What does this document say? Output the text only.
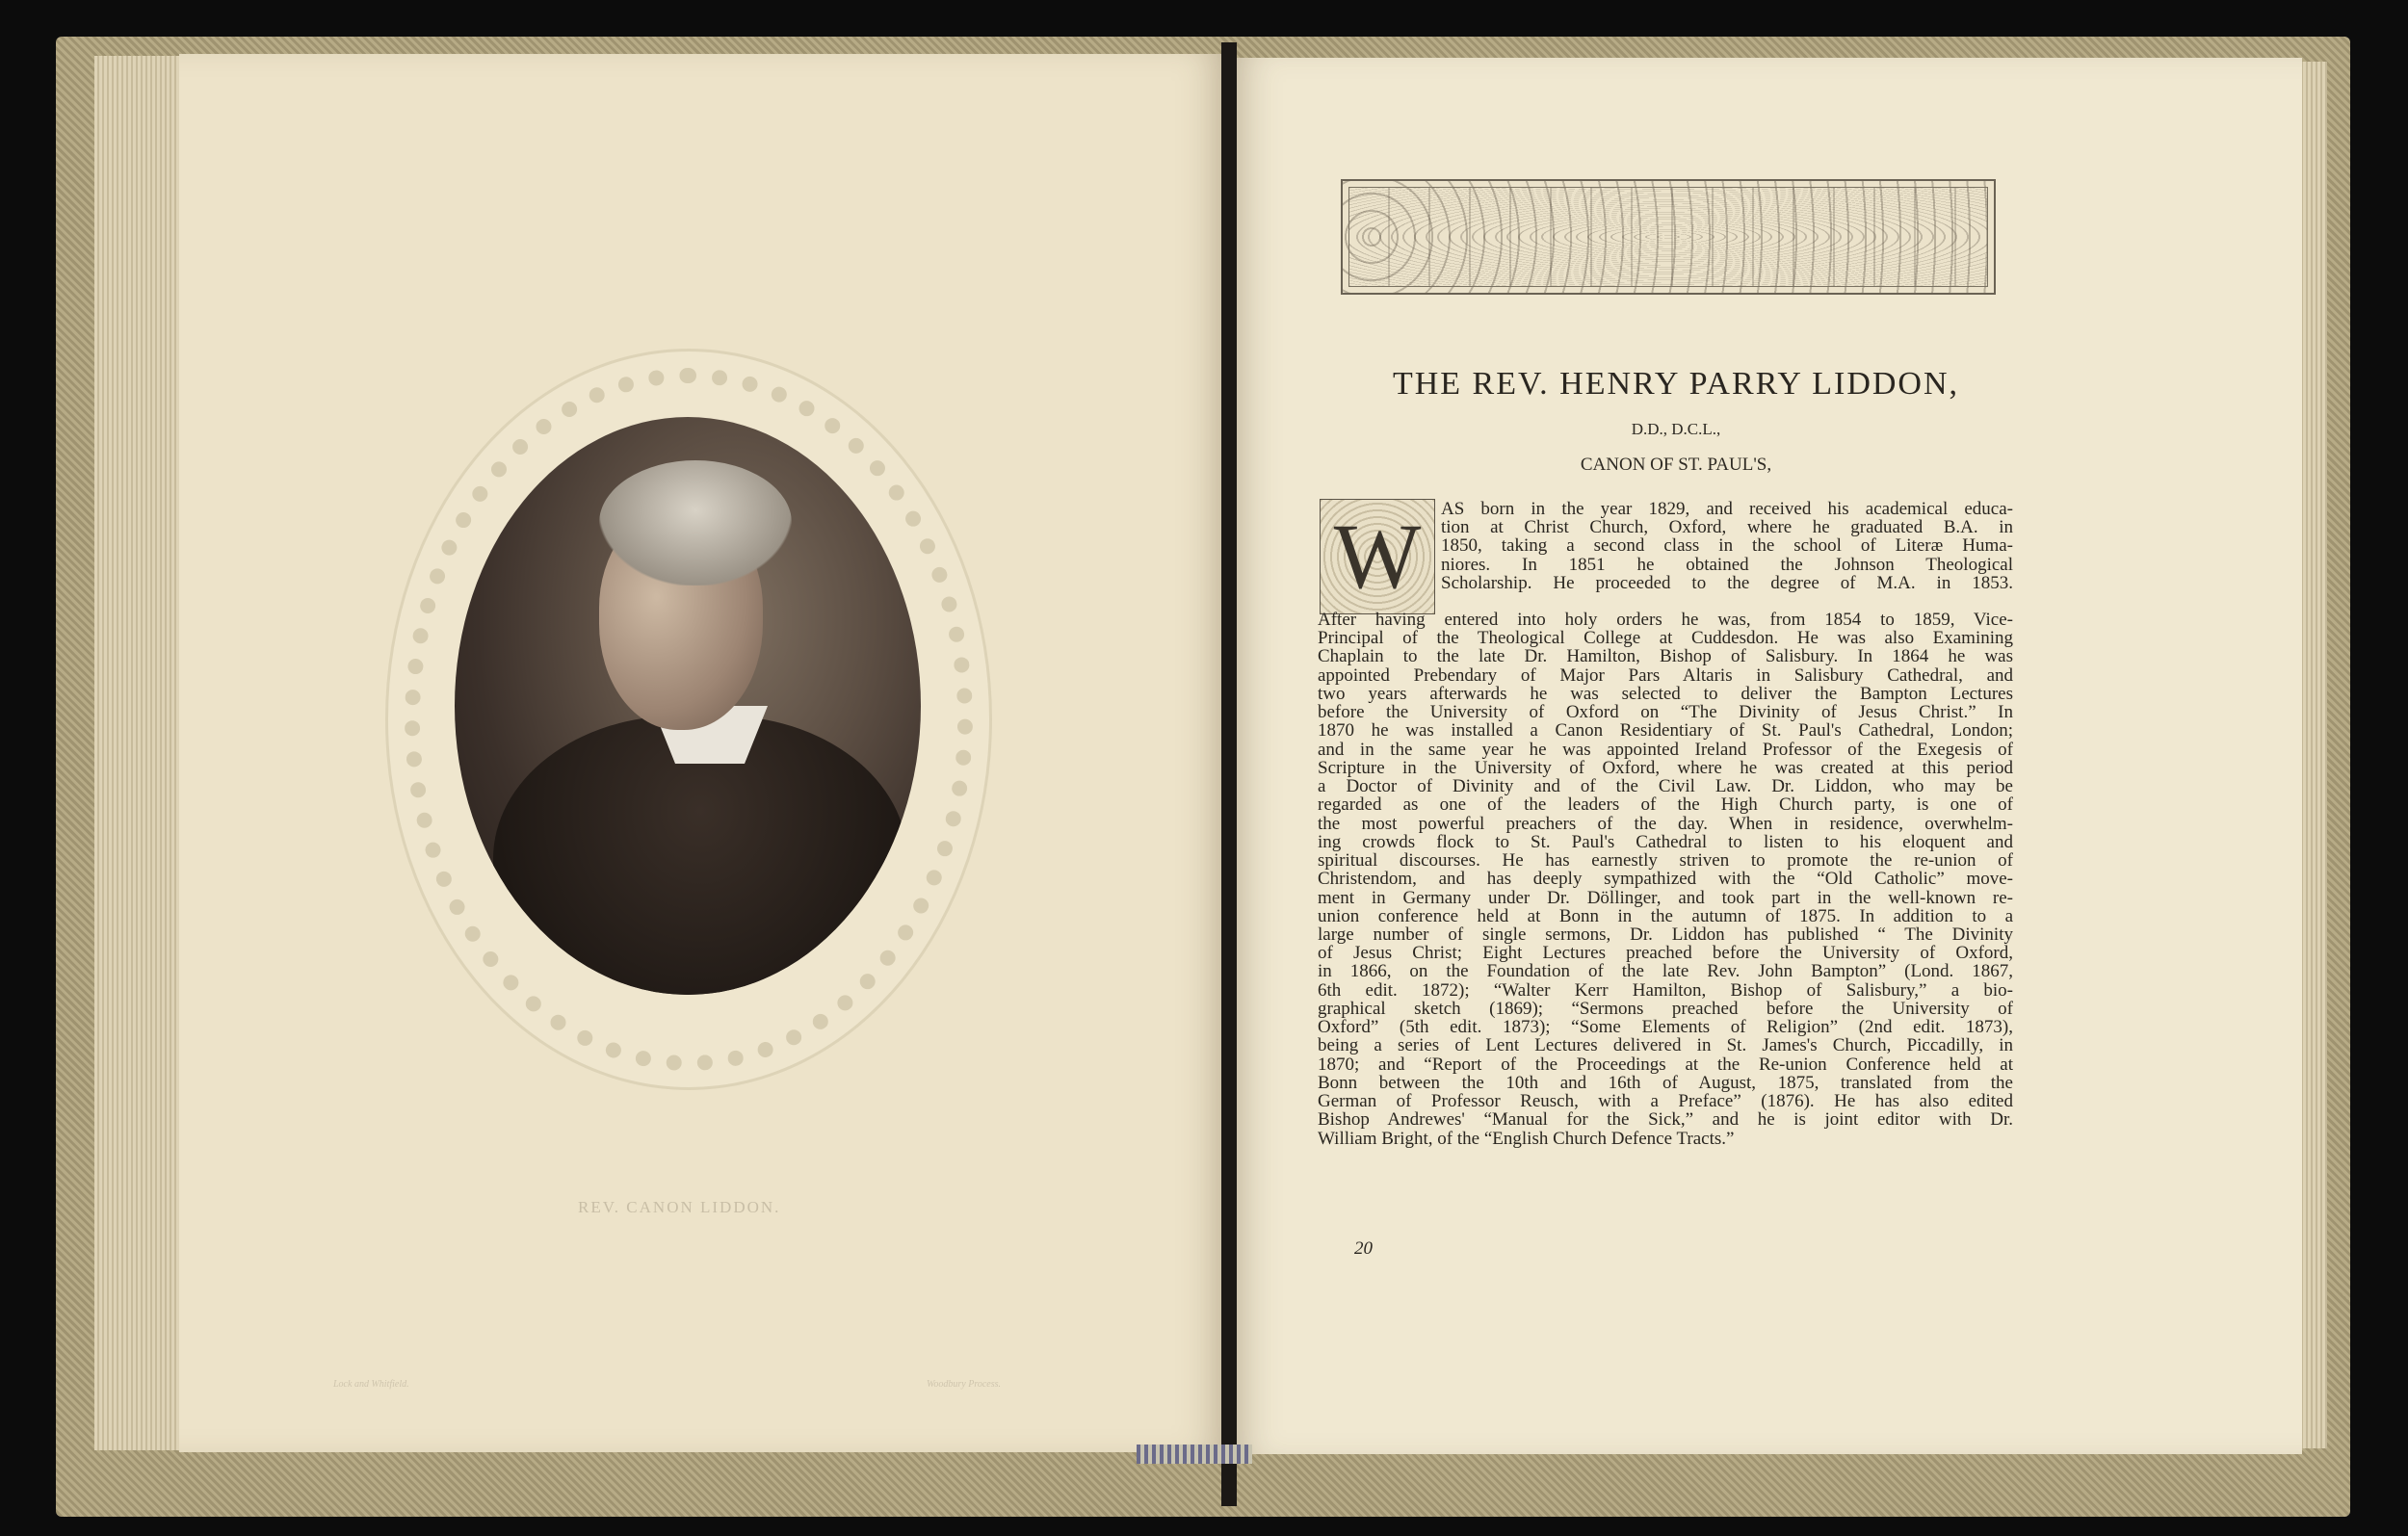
REV. CANON LIDDON.
Lock and Whitfield.	Woodbury Process.
THE REV. HENRY PARRY LIDDON,
D.D., D.C.L.,
CANON OF ST. PAUL'S,
W AS born in the year 1829, and received his academical educa-
tion at Christ Church, Oxford, where he graduated B.A. in
1850, taking a second class in the school of Literæ Huma-
niores. In 1851 he obtained the Johnson Theological
Scholarship. He proceeded to the degree of M.A. in 1853.
After having entered into holy orders he was, from 1854 to 1859, Vice-
Principal of the Theological College at Cuddesdon. He was also Examining
Chaplain to the late Dr. Hamilton, Bishop of Salisbury. In 1864 he was
appointed Prebendary of Major Pars Altaris in Salisbury Cathedral, and
two years afterwards he was selected to deliver the Bampton Lectures
before the University of Oxford on “The Divinity of Jesus Christ.” In
1870 he was installed a Canon Residentiary of St. Paul's Cathedral, London;
and in the same year he was appointed Ireland Professor of the Exegesis of
Scripture in the University of Oxford, where he was created at this period
a Doctor of Divinity and of the Civil Law. Dr. Liddon, who may be
regarded as one of the leaders of the High Church party, is one of
the most powerful preachers of the day. When in residence, overwhelm-
ing crowds flock to St. Paul's Cathedral to listen to his eloquent and
spiritual discourses. He has earnestly striven to promote the re-union of
Christendom, and has deeply sympathized with the “Old Catholic” move-
ment in Germany under Dr. Döllinger, and took part in the well-known re-
union conference held at Bonn in the autumn of 1875. In addition to a
large number of single sermons, Dr. Liddon has published “ The Divinity
of Jesus Christ; Eight Lectures preached before the University of Oxford,
in 1866, on the Foundation of the late Rev. John Bampton” (Lond. 1867,
6th edit. 1872); “Walter Kerr Hamilton, Bishop of Salisbury,” a bio-
graphical sketch (1869); “Sermons preached before the University of
Oxford” (5th edit. 1873); “Some Elements of Religion” (2nd edit. 1873),
being a series of Lent Lectures delivered in St. James's Church, Piccadilly, in
1870; and “Report of the Proceedings at the Re-union Conference held at
Bonn between the 10th and 16th of August, 1875, translated from the
German of Professor Reusch, with a Preface” (1876). He has also edited
Bishop Andrewes' “Manual for the Sick,” and he is joint editor with Dr.
William Bright, of the “English Church Defence Tracts.”
20
